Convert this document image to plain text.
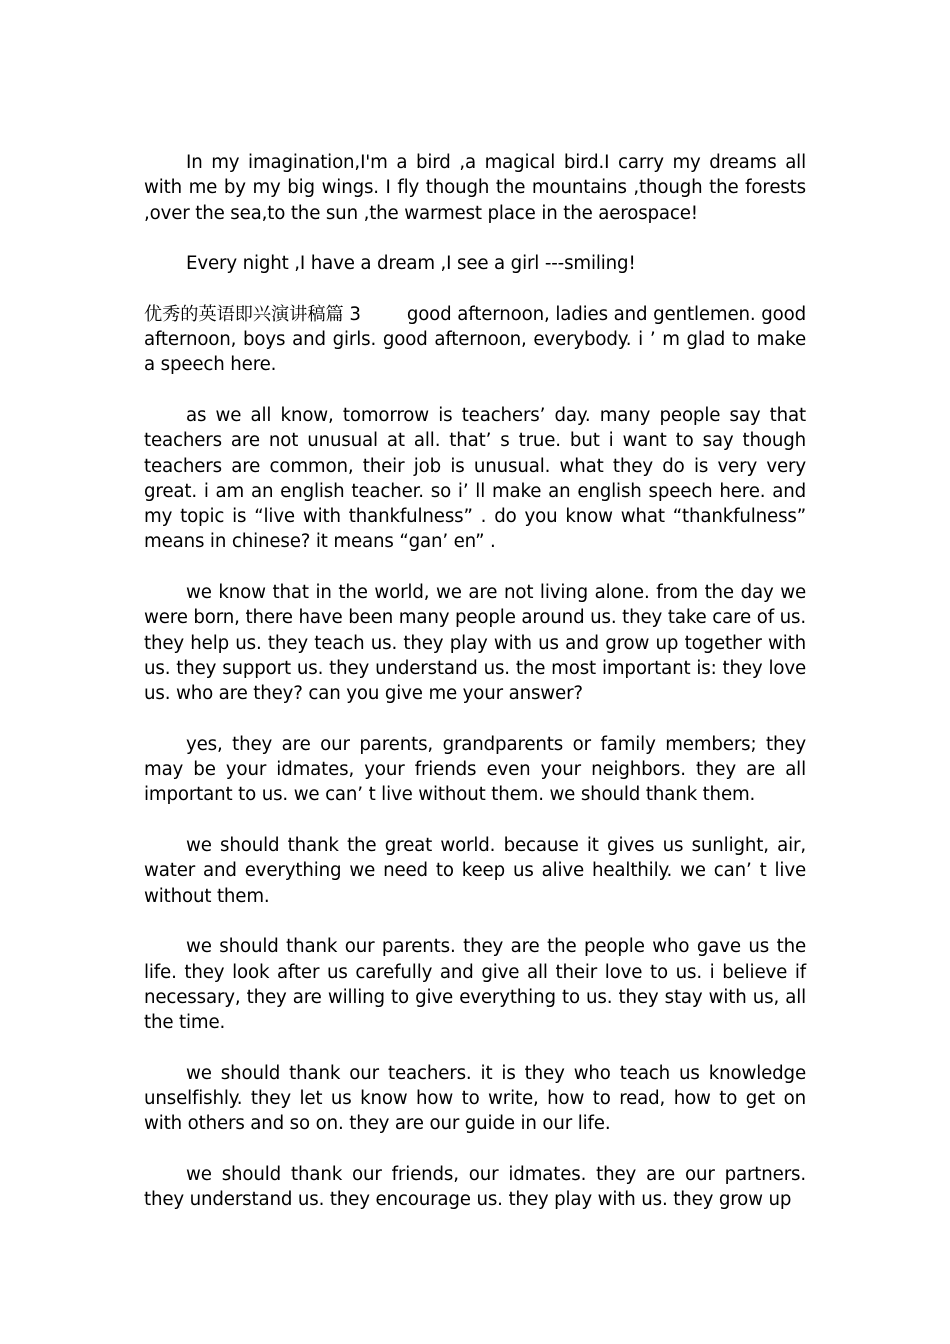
In my imagination,I'm a bird ,a magical bird.I carry my dreams all with me by my big wings. I fly though the mountains ,though the forests ,over the sea,to the sun ,the warmest place in the aerospace!

Every night ,I have a dream ,I see a girl ---smiling!

优秀的英语即兴演讲稿篇 3	good afternoon, ladies and gentlemen. good afternoon, boys and girls. good afternoon, everybody. i ’ m glad to make a speech here.

as we all know, tomorrow is teachers’ day. many people say that teachers are not unusual at all. that’ s true. but i want to say though teachers are common, their job is unusual. what they do is very very great. i am an english teacher. so i’ ll make an english speech here. and my topic is “live with thankfulness” . do you know what “thankfulness” means in chinese? it means “gan’ en” .

we know that in the world, we are not living alone. from the day we were born, there have been many people around us. they take care of us. they help us. they teach us. they play with us and grow up together with us. they support us. they understand us. the most important is: they love us. who are they? can you give me your answer?

yes, they are our parents, grandparents or family members; they may be your idmates, your friends even your neighbors. they are all important to us. we can’ t live without them. we should thank them.

we should thank the great world. because it gives us sunlight, air, water and everything we need to keep us alive healthily. we can’ t live without them.

we should thank our parents. they are the people who gave us the life. they look after us carefully and give all their love to us. i believe if necessary, they are willing to give everything to us. they stay with us, all the time.

we should thank our teachers. it is they who teach us knowledge unselfishly. they let us know how to write, how to read, how to get on with others and so on. they are our guide in our life.

we should thank our friends, our idmates. they are our partners. they understand us. they encourage us. they play with us. they grow up
